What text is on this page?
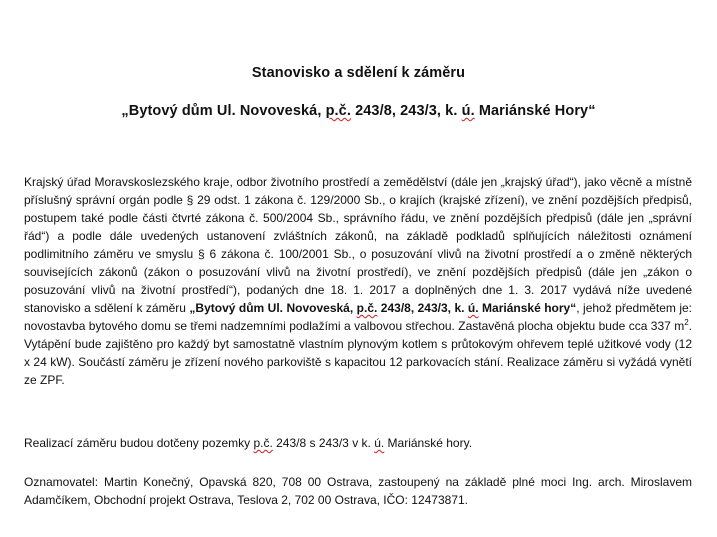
Stanovisko a sdělení k záměru
„Bytový dům Ul. Novoveská, p.č. 243/8, 243/3, k. ú. Mariánské Hory“
Krajský úřad Moravskoslezského kraje, odbor životního prostředí a zemědělství (dále jen „krajský úřad“), jako věcně a místně příslušný správní orgán podle § 29 odst. 1 zákona č. 129/2000 Sb., o krajích (krajské zřízení), ve znění pozdějších předpisů, postupem také podle části čtvrté zákona č. 500/2004 Sb., správního řádu, ve znění pozdějších předpisů (dále jen „správní řád“) a podle dále uvedených ustanovení zvláštních zákonů, na základě podkladů splňujících náležitosti oznámení podlimitního záměru ve smyslu § 6 zákona č. 100/2001 Sb., o posuzování vlivů na životní prostředí a o změně některých souvisejících zákonů (zákon o posuzování vlivů na životní prostředí), ve znění pozdějších předpisů (dále jen „zákon o posuzování vlivů na životní prostředí“), podaných dne 18. 1. 2017 a doplněných dne 1. 3. 2017 vydává níže uvedené stanovisko a sdělení k záměru „Bytový dům Ul. Novoveská, p.č. 243/8, 243/3, k. ú. Mariánské hory“, jehož předmětem je: novostavba bytového domu se třemi nadzemními podlažími a valbovou střechou. Zastavěná plocha objektu bude cca 337 $m^2$. Vytápění bude zajištěno pro každý byt samostatně vlastním plynovým kotlem s průtokovým ohřevem teplé užitkové vody (12 x 24 kW). Součástí záměru je zřízení nového parkoviště s kapacitou 12 parkovacích stání. Realizace záměru si vyžádá vynětí ze ZPF.
Realizací záměru budou dotčeny pozemky p.č. 243/8 s 243/3 v k. ú. Mariánské hory.
Oznamovatel: Martin Konečný, Opavská 820, 708 00 Ostrava, zastoupený na základě plné moci Ing. arch. Miroslavem Adamčíkem, Obchodní projekt Ostrava, Teslova 2, 702 00 Ostrava, IČO: 12473871.
